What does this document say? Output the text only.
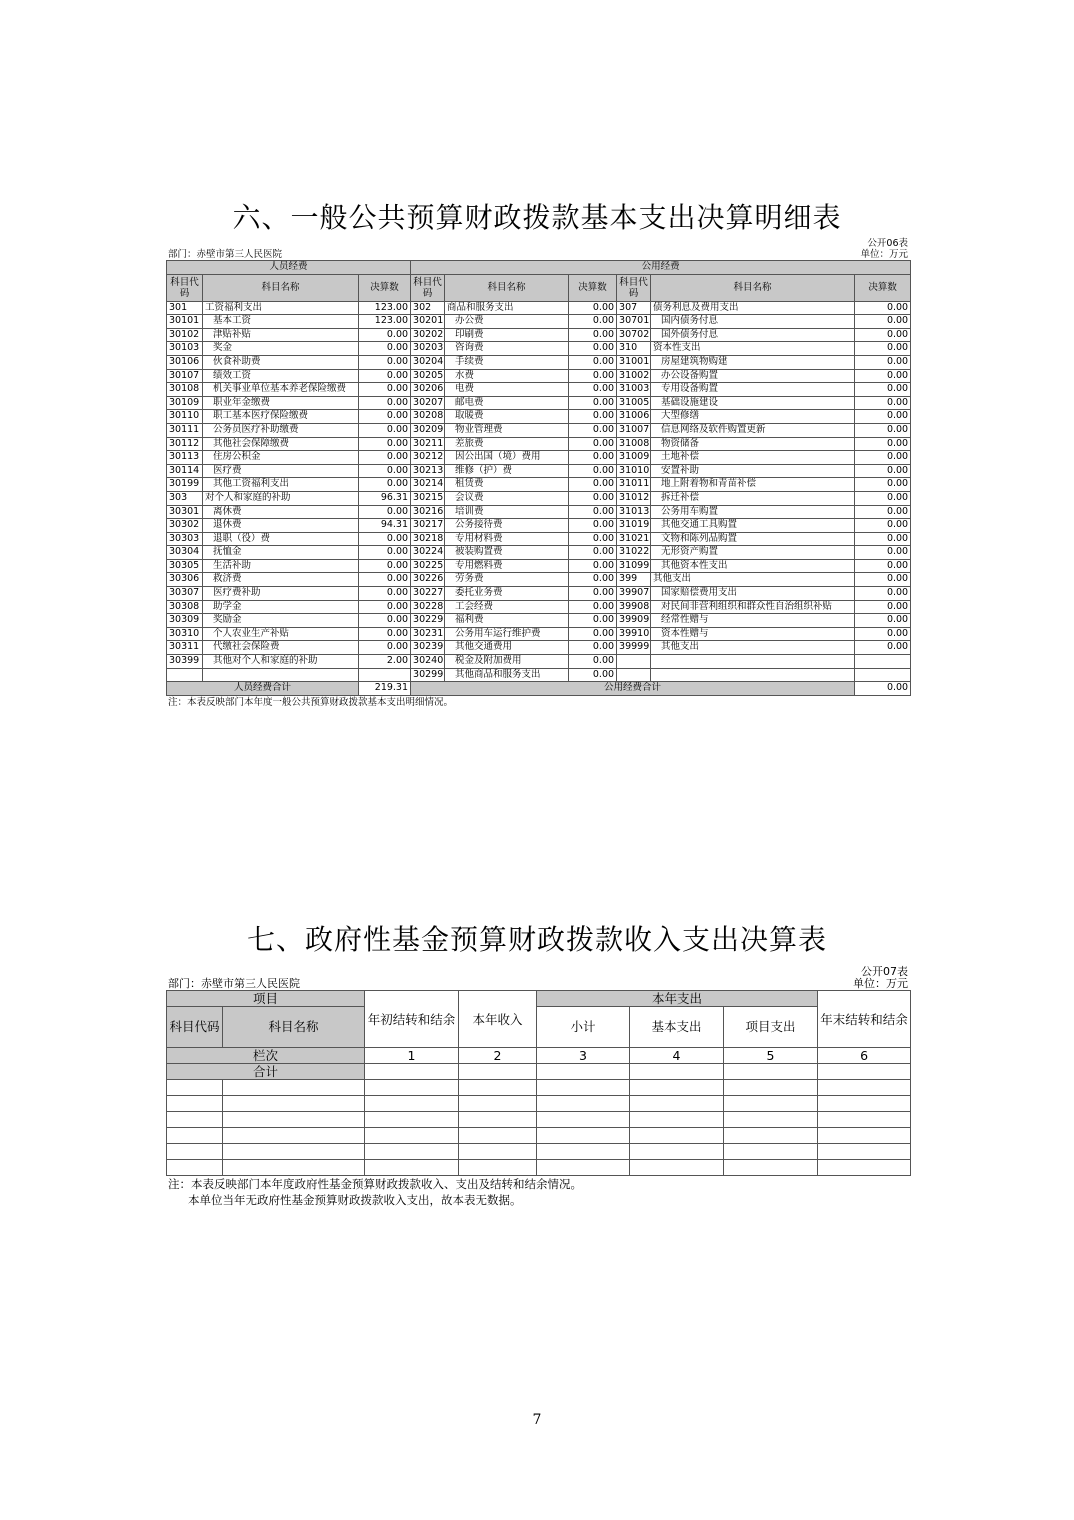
六、一般公共预算财政拨款基本支出决算明细表
公开06表
部门：赤壁市第三人民医院	单位：万元
人员经费			公用经费					
科目代码	科目名称	决算数	科目代码	科目名称	决算数	科目代码	科目名称	决算数
301	工资福利支出	123.00	302	商品和服务支出	0.00	307	债务利息及费用支出	0.00
30101	基本工资	123.00	30201	办公费	0.00	30701	国内债务付息	0.00
30102	津贴补贴	0.00	30202	印刷费	0.00	30702	国外债务付息	0.00
30103	奖金	0.00	30203	咨询费	0.00	310	资本性支出	0.00
30106	伙食补助费	0.00	30204	手续费	0.00	31001	房屋建筑物购建	0.00
30107	绩效工资	0.00	30205	水费	0.00	31002	办公设备购置	0.00
30108	机关事业单位基本养老保险缴费	0.00	30206	电费	0.00	31003	专用设备购置	0.00
30109	职业年金缴费	0.00	30207	邮电费	0.00	31005	基础设施建设	0.00
30110	职工基本医疗保险缴费	0.00	30208	取暖费	0.00	31006	大型修缮	0.00
30111	公务员医疗补助缴费	0.00	30209	物业管理费	0.00	31007	信息网络及软件购置更新	0.00
30112	其他社会保障缴费	0.00	30211	差旅费	0.00	31008	物资储备	0.00
30113	住房公积金	0.00	30212	因公出国（境）费用	0.00	31009	土地补偿	0.00
30114	医疗费	0.00	30213	维修（护）费	0.00	31010	安置补助	0.00
30199	其他工资福利支出	0.00	30214	租赁费	0.00	31011	地上附着物和青苗补偿	0.00
303	对个人和家庭的补助	96.31	30215	会议费	0.00	31012	拆迁补偿	0.00
30301	离休费	0.00	30216	培训费	0.00	31013	公务用车购置	0.00
30302	退休费	94.31	30217	公务接待费	0.00	31019	其他交通工具购置	0.00
30303	退职（役）费	0.00	30218	专用材料费	0.00	31021	文物和陈列品购置	0.00
30304	抚恤金	0.00	30224	被装购置费	0.00	31022	无形资产购置	0.00
30305	生活补助	0.00	30225	专用燃料费	0.00	31099	其他资本性支出	0.00
30306	救济费	0.00	30226	劳务费	0.00	399	其他支出	0.00
30307	医疗费补助	0.00	30227	委托业务费	0.00	39907	国家赔偿费用支出	0.00
30308	助学金	0.00	30228	工会经费	0.00	39908	对民间非营利组织和群众性自治组织补贴	0.00
30309	奖励金	0.00	30229	福利费	0.00	39909	经常性赠与	0.00
30310	个人农业生产补贴	0.00	30231	公务用车运行维护费	0.00	39910	资本性赠与	0.00
30311	代缴社会保险费	0.00	30239	其他交通费用	0.00	39999	其他支出	0.00
30399	其他对个人和家庭的补助	2.00	30240	税金及附加费用	0.00			
			30299	其他商品和服务支出	0.00			
人员经费合计		219.31	公用经费合计					0.00
注：本表反映部门本年度一般公共预算财政拨款基本支出明细情况。
七、政府性基金预算财政拨款收入支出决算表
公开07表
部门：赤壁市第三人民医院	单位：万元
项目		年初结转和结余	本年收入	本年支出			年末结转和结余
科目代码	科目名称			小计	基本支出	项目支出	
栏次		1	2	3	4	5	6
合计							

注：本表反映部门本年度政府性基金预算财政拨款收入、支出及结转和结余情况。
本单位当年无政府性基金预算财政拨款收入支出，故本表无数据。
7
